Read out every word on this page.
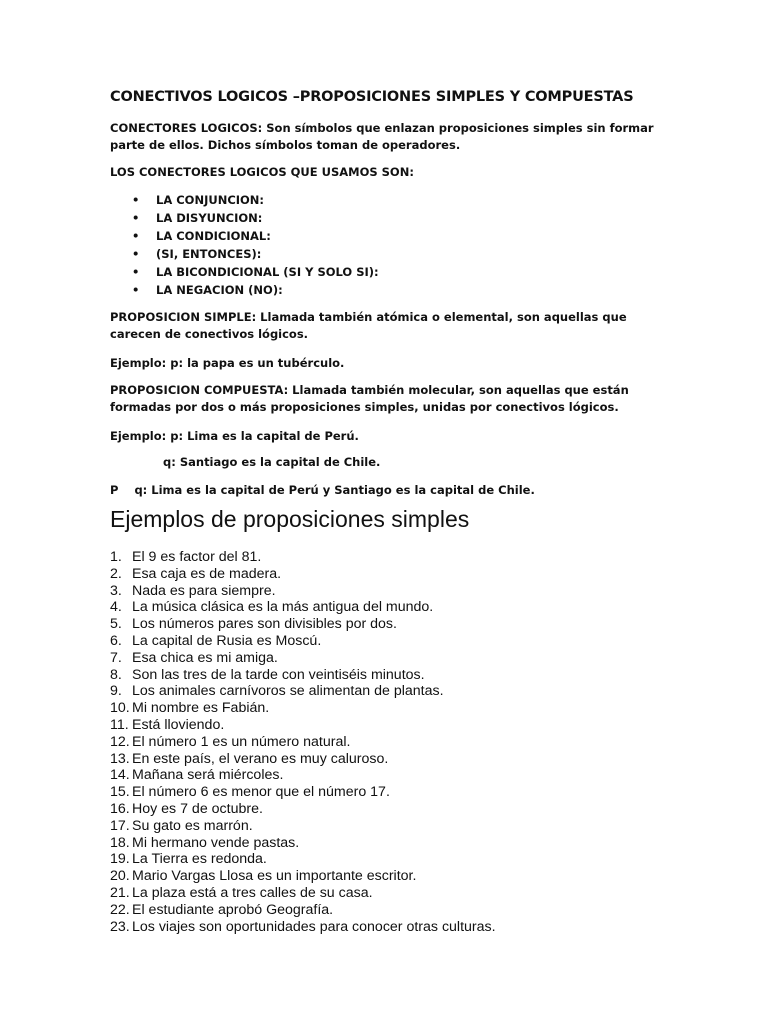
CONECTIVOS LOGICOS –PROPOSICIONES SIMPLES Y COMPUESTAS
CONECTORES LOGICOS: Son símbolos que enlazan proposiciones simples sin formar parte de ellos. Dichos símbolos toman de operadores.
LOS CONECTORES LOGICOS QUE USAMOS SON:
• LA CONJUNCION:
• LA DISYUNCION:
• LA CONDICIONAL:
• (SI, ENTONCES):
• LA BICONDICIONAL (SI Y SOLO SI):
• LA NEGACION (NO):
PROPOSICION SIMPLE: Llamada también atómica o elemental, son aquellas que carecen de conectivos lógicos.
Ejemplo: p: la papa es un tubérculo.
PROPOSICION COMPUESTA: Llamada también molecular, son aquellas que están formadas por dos o más proposiciones simples, unidas por conectivos lógicos.
Ejemplo: p: Lima es la capital de Perú.
q: Santiago es la capital de Chile.
P    q: Lima es la capital de Perú y Santiago es la capital de Chile.
Ejemplos de proposiciones simples
1. El 9 es factor del 81.
2. Esa caja es de madera.
3. Nada es para siempre.
4. La música clásica es la más antigua del mundo.
5. Los números pares son divisibles por dos.
6. La capital de Rusia es Moscú.
7. Esa chica es mi amiga.
8. Son las tres de la tarde con veintiséis minutos.
9. Los animales carnívoros se alimentan de plantas.
10. Mi nombre es Fabián.
11. Está lloviendo.
12. El número 1 es un número natural.
13. En este país, el verano es muy caluroso.
14. Mañana será miércoles.
15. El número 6 es menor que el número 17.
16. Hoy es 7 de octubre.
17. Su gato es marrón.
18. Mi hermano vende pastas.
19. La Tierra es redonda.
20. Mario Vargas Llosa es un importante escritor.
21. La plaza está a tres calles de su casa.
22. El estudiante aprobó Geografía.
23. Los viajes son oportunidades para conocer otras culturas.
